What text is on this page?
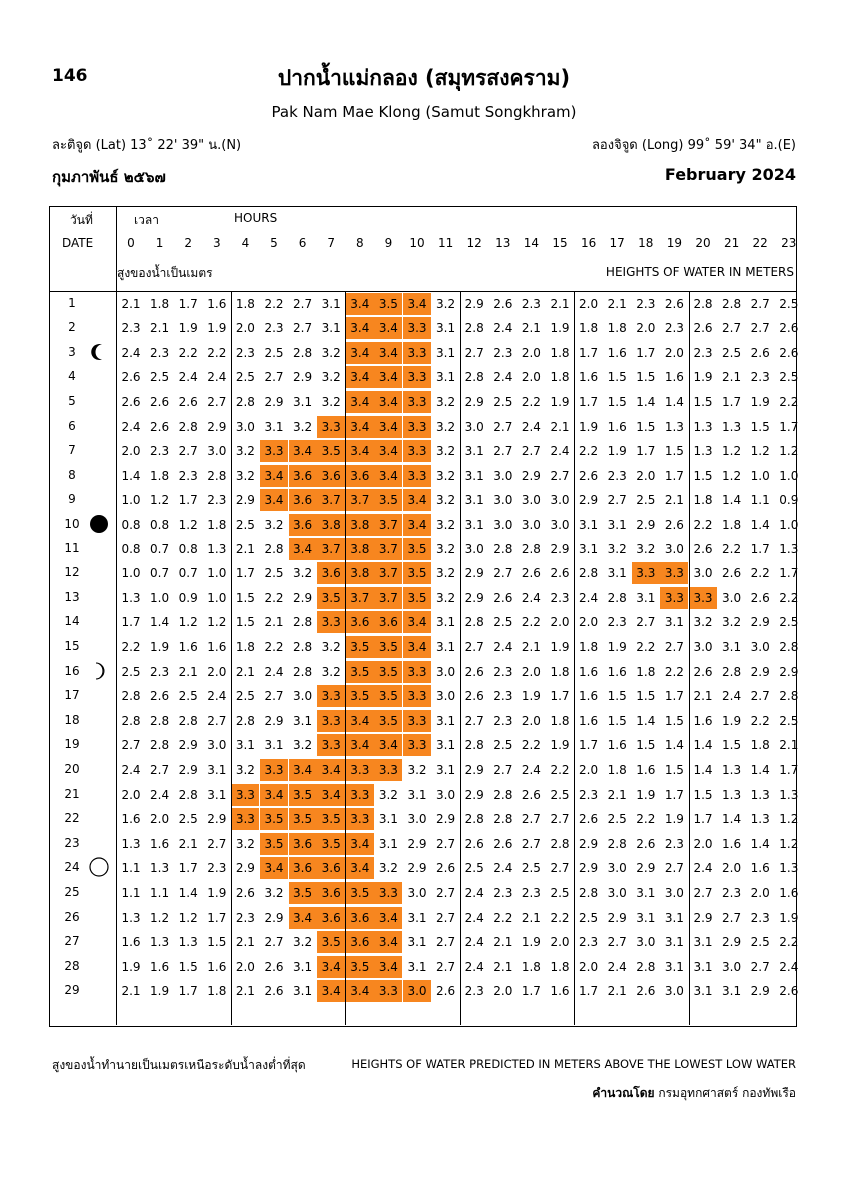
146	ปากน้ำแม่กลอง (สมุทรสงคราม)
Pak Nam Mae Klong (Samut Songkhram)
ละติจูด (Lat) 13˚ 22' 39" น.(N)	ลองจิจูด (Long) 99˚ 59' 34" อ.(E)
กุมภาพันธ์ ๒๕๖๗	February 2024
วันที่	เวลา	HOURS
DATE	0	1	2	3	4	5	6	7	8	9	10	11	12	13	14	15	16	17	18	19	20	21	22	23
สูงของน้ำเป็นเมตร	HEIGHTS OF WATER IN METERS
1	2.1 1.8 1.7 1.6 1.8 2.2 2.7 3.1 3.4 3.5 3.4 3.2 2.9 2.6 2.3 2.1 2.0 2.1 2.3 2.6 2.8 2.8 2.7 2.5
2	2.3 2.1 1.9 1.9 2.0 2.3 2.7 3.1 3.4 3.4 3.3 3.1 2.8 2.4 2.1 1.9 1.8 1.8 2.0 2.3 2.6 2.7 2.7 2.6
3	2.4 2.3 2.2 2.2 2.3 2.5 2.8 3.2 3.4 3.4 3.3 3.1 2.7 2.3 2.0 1.8 1.7 1.6 1.7 2.0 2.3 2.5 2.6 2.6
4	2.6 2.5 2.4 2.4 2.5 2.7 2.9 3.2 3.4 3.4 3.3 3.1 2.8 2.4 2.0 1.8 1.6 1.5 1.5 1.6 1.9 2.1 2.3 2.5
5	2.6 2.6 2.6 2.7 2.8 2.9 3.1 3.2 3.4 3.4 3.3 3.2 2.9 2.5 2.2 1.9 1.7 1.5 1.4 1.4 1.5 1.7 1.9 2.2
6	2.4 2.6 2.8 2.9 3.0 3.1 3.2 3.3 3.4 3.4 3.3 3.2 3.0 2.7 2.4 2.1 1.9 1.6 1.5 1.3 1.3 1.3 1.5 1.7
7	2.0 2.3 2.7 3.0 3.2 3.3 3.4 3.5 3.4 3.4 3.3 3.2 3.1 2.7 2.7 2.4 2.2 1.9 1.7 1.5 1.3 1.2 1.2 1.2
8	1.4 1.8 2.3 2.8 3.2 3.4 3.6 3.6 3.6 3.4 3.3 3.2 3.1 3.0 2.9 2.7 2.6 2.3 2.0 1.7 1.5 1.2 1.0 1.0
9	1.0 1.2 1.7 2.3 2.9 3.4 3.6 3.7 3.7 3.5 3.4 3.2 3.1 3.0 3.0 3.0 2.9 2.7 2.5 2.1 1.8 1.4 1.1 0.9
10	0.8 0.8 1.2 1.8 2.5 3.2 3.6 3.8 3.8 3.7 3.4 3.2 3.1 3.0 3.0 3.0 3.1 3.1 2.9 2.6 2.2 1.8 1.4 1.0
11	0.8 0.7 0.8 1.3 2.1 2.8 3.4 3.7 3.8 3.7 3.5 3.2 3.0 2.8 2.8 2.9 3.1 3.2 3.2 3.0 2.6 2.2 1.7 1.3
12	1.0 0.7 0.7 1.0 1.7 2.5 3.2 3.6 3.8 3.7 3.5 3.2 2.9 2.7 2.6 2.6 2.8 3.1 3.3 3.3 3.0 2.6 2.2 1.7
13	1.3 1.0 0.9 1.0 1.5 2.2 2.9 3.5 3.7 3.7 3.5 3.2 2.9 2.6 2.4 2.3 2.4 2.8 3.1 3.3 3.3 3.0 2.6 2.2
14	1.7 1.4 1.2 1.2 1.5 2.1 2.8 3.3 3.6 3.6 3.4 3.1 2.8 2.5 2.2 2.0 2.0 2.3 2.7 3.1 3.2 3.2 2.9 2.5
15	2.2 1.9 1.6 1.6 1.8 2.2 2.8 3.2 3.5 3.5 3.4 3.1 2.7 2.4 2.1 1.9 1.8 1.9 2.2 2.7 3.0 3.1 3.0 2.8
16	2.5 2.3 2.1 2.0 2.1 2.4 2.8 3.2 3.5 3.5 3.3 3.0 2.6 2.3 2.0 1.8 1.6 1.6 1.8 2.2 2.6 2.8 2.9 2.9
17	2.8 2.6 2.5 2.4 2.5 2.7 3.0 3.3 3.5 3.5 3.3 3.0 2.6 2.3 1.9 1.7 1.6 1.5 1.5 1.7 2.1 2.4 2.7 2.8
18	2.8 2.8 2.8 2.7 2.8 2.9 3.1 3.3 3.4 3.5 3.3 3.1 2.7 2.3 2.0 1.8 1.6 1.5 1.4 1.5 1.6 1.9 2.2 2.5
19	2.7 2.8 2.9 3.0 3.1 3.1 3.2 3.3 3.4 3.4 3.3 3.1 2.8 2.5 2.2 1.9 1.7 1.6 1.5 1.4 1.4 1.5 1.8 2.1
20	2.4 2.7 2.9 3.1 3.2 3.3 3.4 3.4 3.3 3.3 3.2 3.1 2.9 2.7 2.4 2.2 2.0 1.8 1.6 1.5 1.4 1.3 1.4 1.7
21	2.0 2.4 2.8 3.1 3.3 3.4 3.5 3.4 3.3 3.2 3.1 3.0 2.9 2.8 2.6 2.5 2.3 2.1 1.9 1.7 1.5 1.3 1.3 1.3
22	1.6 2.0 2.5 2.9 3.3 3.5 3.5 3.5 3.3 3.1 3.0 2.9 2.8 2.8 2.7 2.7 2.6 2.5 2.2 1.9 1.7 1.4 1.3 1.2
23	1.3 1.6 2.1 2.7 3.2 3.5 3.6 3.5 3.4 3.1 2.9 2.7 2.6 2.6 2.7 2.8 2.9 2.8 2.6 2.3 2.0 1.6 1.4 1.2
24	1.1 1.3 1.7 2.3 2.9 3.4 3.6 3.6 3.4 3.2 2.9 2.6 2.5 2.4 2.5 2.7 2.9 3.0 2.9 2.7 2.4 2.0 1.6 1.3
25	1.1 1.1 1.4 1.9 2.6 3.2 3.5 3.6 3.5 3.3 3.0 2.7 2.4 2.3 2.3 2.5 2.8 3.0 3.1 3.0 2.7 2.3 2.0 1.6
26	1.3 1.2 1.2 1.7 2.3 2.9 3.4 3.6 3.6 3.4 3.1 2.7 2.4 2.2 2.1 2.2 2.5 2.9 3.1 3.1 2.9 2.7 2.3 1.9
27	1.6 1.3 1.3 1.5 2.1 2.7 3.2 3.5 3.6 3.4 3.1 2.7 2.4 2.1 1.9 2.0 2.3 2.7 3.0 3.1 3.1 2.9 2.5 2.2
28	1.9 1.6 1.5 1.6 2.0 2.6 3.1 3.4 3.5 3.4 3.1 2.7 2.4 2.1 1.8 1.8 2.0 2.4 2.8 3.1 3.1 3.0 2.7 2.4
29	2.1 1.9 1.7 1.8 2.1 2.6 3.1 3.4 3.4 3.3 3.0 2.6 2.3 2.0 1.7 1.6 1.7 2.1 2.6 3.0 3.1 3.1 2.9 2.6
สูงของน้ำทำนายเป็นเมตรเหนือระดับน้ำลงต่ำที่สุด	HEIGHTS OF WATER PREDICTED IN METERS ABOVE THE LOWEST LOW WATER
คำนวณโดย กรมอุทกศาสตร์ กองทัพเรือ
